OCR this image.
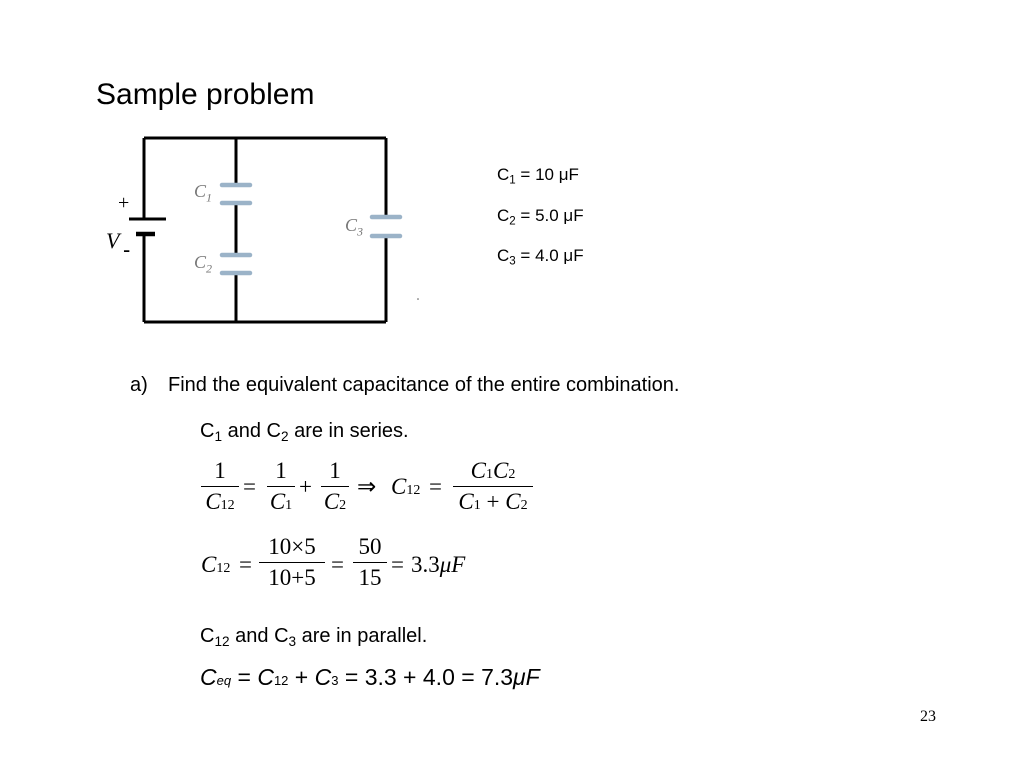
Sample problem
+
-
V
$C_1$
$C_2$
$C_3$
$C_1 = 10$ μF
$C_2 = 5.0$ μF
$C_3 = 4.0$ μF
a) Find the equivalent capacitance of the entire combination.
$C_1$ and $C_2$ are in series.
1
C12
=
1
C1
+
1
C2
⇒ C12 =
C1C2
C1 + C2
C12 =
10×5
10+5
=
50
15
= 3.3μF
$C_{12}$ and $C_3$ are in parallel.
Ceq = C12 + C3 = 3.3 + 4.0 = 7.3μF
23
